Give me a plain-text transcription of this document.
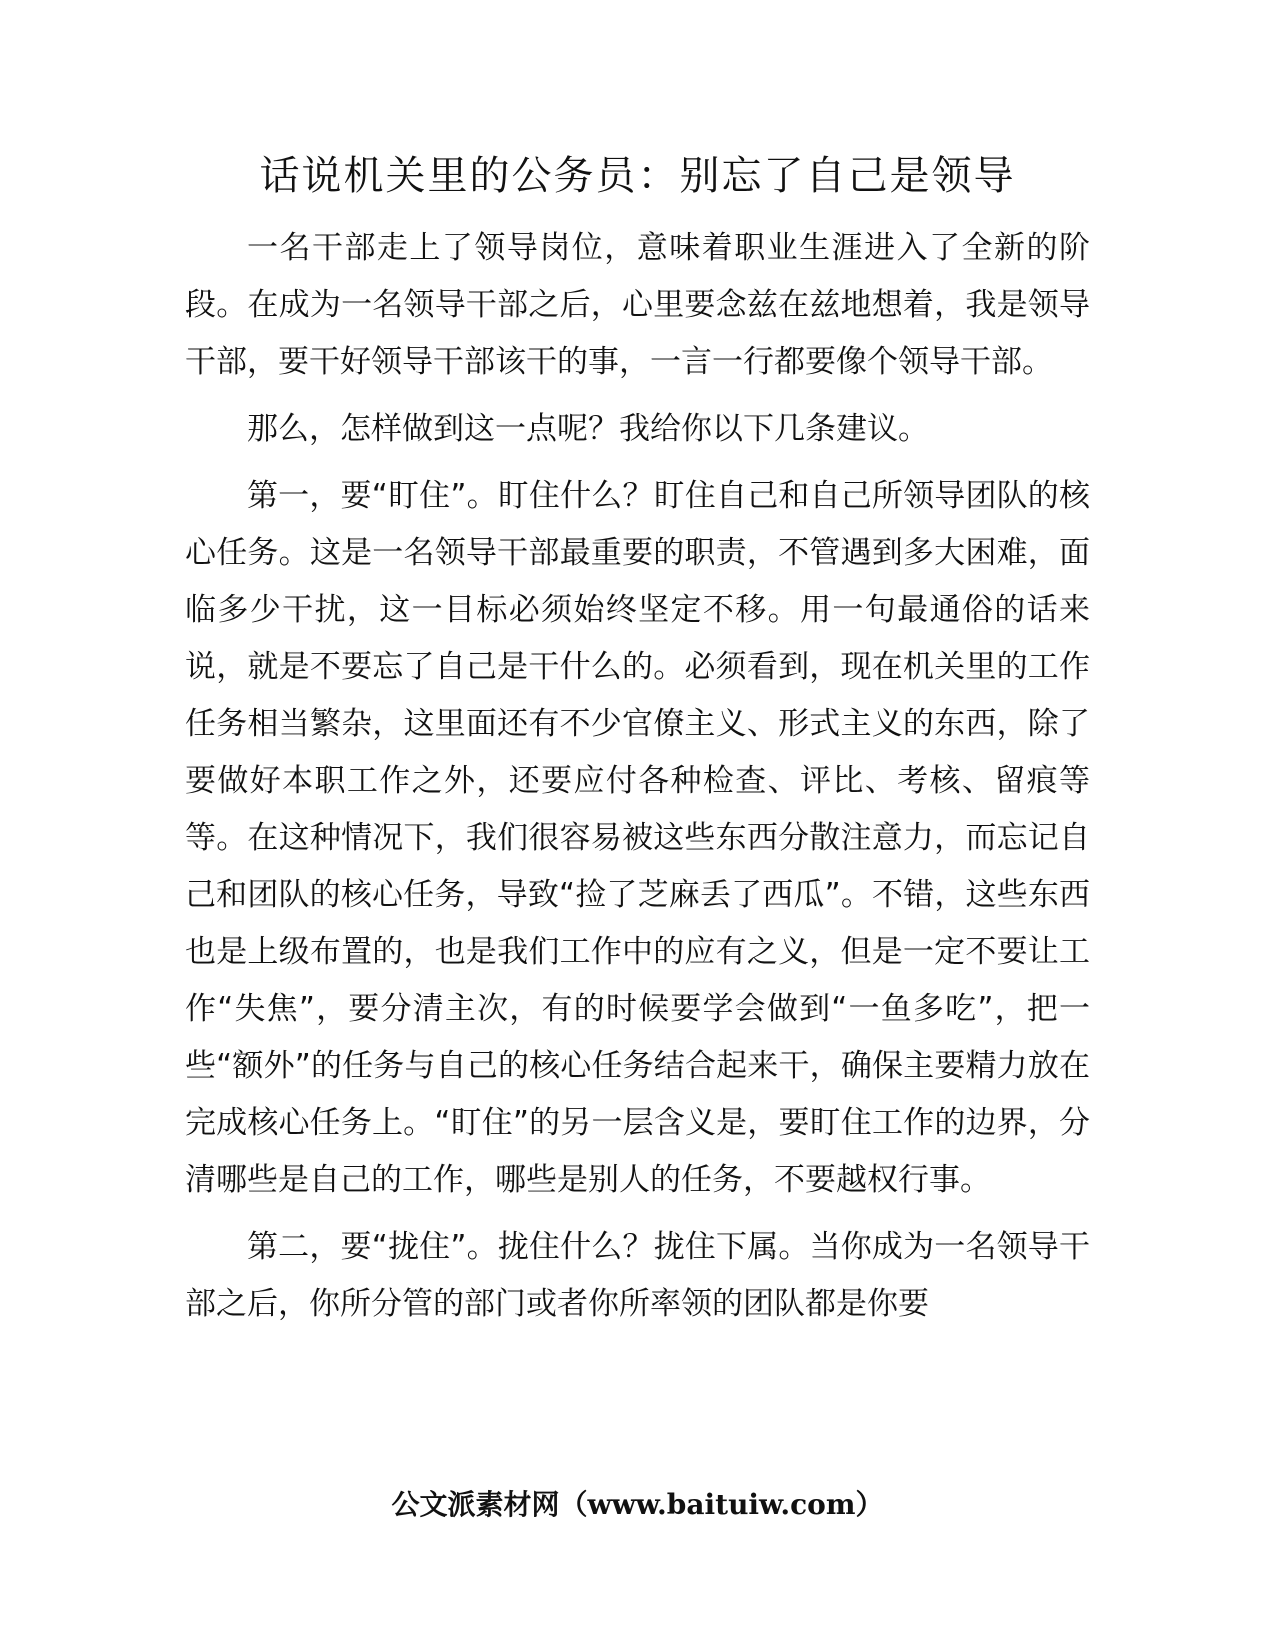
话说机关里的公务员：别忘了自己是领导

一名干部走上了领导岗位，意味着职业生涯进入了全新的阶段。在成为一名领导干部之后，心里要念兹在兹地想着，我是领导干部，要干好领导干部该干的事，一言一行都要像个领导干部。

那么，怎样做到这一点呢？我给你以下几条建议。

第一，要“盯住”。盯住什么？盯住自己和自己所领导团队的核心任务。这是一名领导干部最重要的职责，不管遇到多大困难，面临多少干扰，这一目标必须始终坚定不移。用一句最通俗的话来说，就是不要忘了自己是干什么的。必须看到，现在机关里的工作任务相当繁杂，这里面还有不少官僚主义、形式主义的东西，除了要做好本职工作之外，还要应付各种检查、评比、考核、留痕等等。在这种情况下，我们很容易被这些东西分散注意力，而忘记自己和团队的核心任务，导致“捡了芝麻丢了西瓜”。不错，这些东西也是上级布置的，也是我们工作中的应有之义，但是一定不要让工作“失焦”，要分清主次，有的时候要学会做到“一鱼多吃”，把一些“额外”的任务与自己的核心任务结合起来干，确保主要精力放在完成核心任务上。“盯住”的另一层含义是，要盯住工作的边界，分清哪些是自己的工作，哪些是别人的任务，不要越权行事。

第二，要“拢住”。拢住什么？拢住下属。当你成为一名领导干部之后，你所分管的部门或者你所率领的团队都是你要

公文派素材网（www.baituiw.com）
